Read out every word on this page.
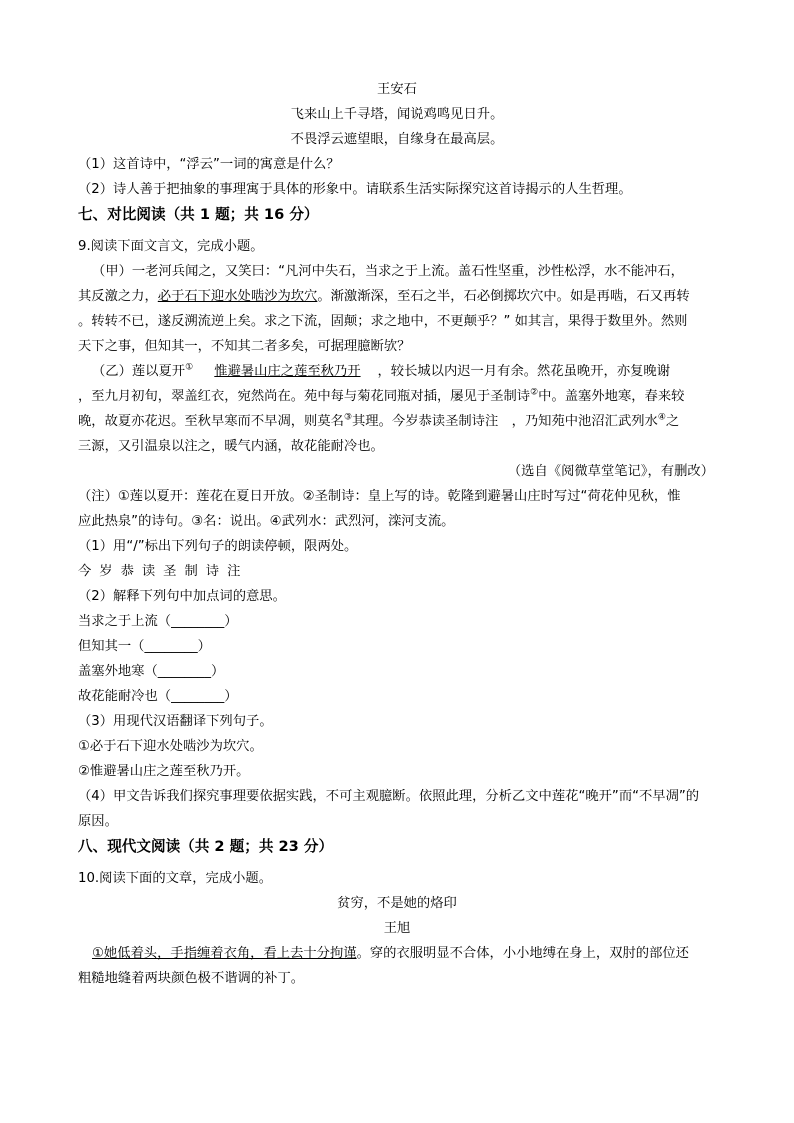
王安石
飞来山上千寻塔，闻说鸡鸣见日升。
不畏浮云遮望眼，自缘身在最高层。
（1）这首诗中，“浮云”一词的寓意是什么？
（2）诗人善于把抽象的事理寓于具体的形象中。请联系生活实际探究这首诗揭示的人生哲理。
七、对比阅读（共 1 题；共 16 分）
9.阅读下面文言文，完成小题。
（甲）一老河兵闻之，又笑曰：“凡河中失石，当求之于上流。盖石性坚重，沙性松浮，水不能冲石，
其反激之力，必于石下迎水处啮沙为坎穴。渐激渐深，至石之半，石必倒掷坎穴中。如是再啮，石又再转
。转转不已，遂反溯流逆上矣。求之下流，固颠；求之地中，不更颠乎？” 如其言，果得于数里外。然则
天下之事，但知其一，不知其二者多矣，可据理臆断欤？
（乙）莲以夏开① 惟避暑山庄之莲至秋乃开 ，较长城以内迟一月有余。然花虽晚开，亦复晚谢
，至九月初旬，翠盖红衣，宛然尚在。苑中每与菊花同瓶对插，屡见于圣制诗②中。盖塞外地寒，春来较
晚，故夏亦花迟。至秋早寒而不早凋，则莫名③其理。今岁恭读圣制诗注　，乃知苑中池沼汇武列水④之
三源，又引温泉以注之，暖气内涵，故花能耐冷也。
（选自《阅微草堂笔记》，有删改）
（注）①莲以夏开：莲花在夏日开放。②圣制诗：皇上写的诗。乾隆到避暑山庄时写过“荷花仲见秋，惟
应此热泉”的诗句。③名：说出。④武列水：武烈河，滦河支流。
（1）用“/”标出下列句子的朗读停顿，限两处。
今岁恭读圣制诗注
（2）解释下列句中加点词的意思。
当求之于上流（________）
但知其一（________）
盖塞外地寒（________）
故花能耐冷也（________）
（3）用现代汉语翻译下列句子。
①必于石下迎水处啮沙为坎穴。
②惟避暑山庄之莲至秋乃开。
（4）甲文告诉我们探究事理要依据实践，不可主观臆断。依照此理，分析乙文中莲花“晚开”而“不早凋”的
原因。
八、现代文阅读（共 2 题；共 23 分）
10.阅读下面的文章，完成小题。
贫穷，不是她的烙印
王旭
①她低着头，手指缠着衣角，看上去十分拘谨。穿的衣服明显不合体，小小地缚在身上，双肘的部位还
粗糙地缝着两块颜色极不谐调的补丁。
